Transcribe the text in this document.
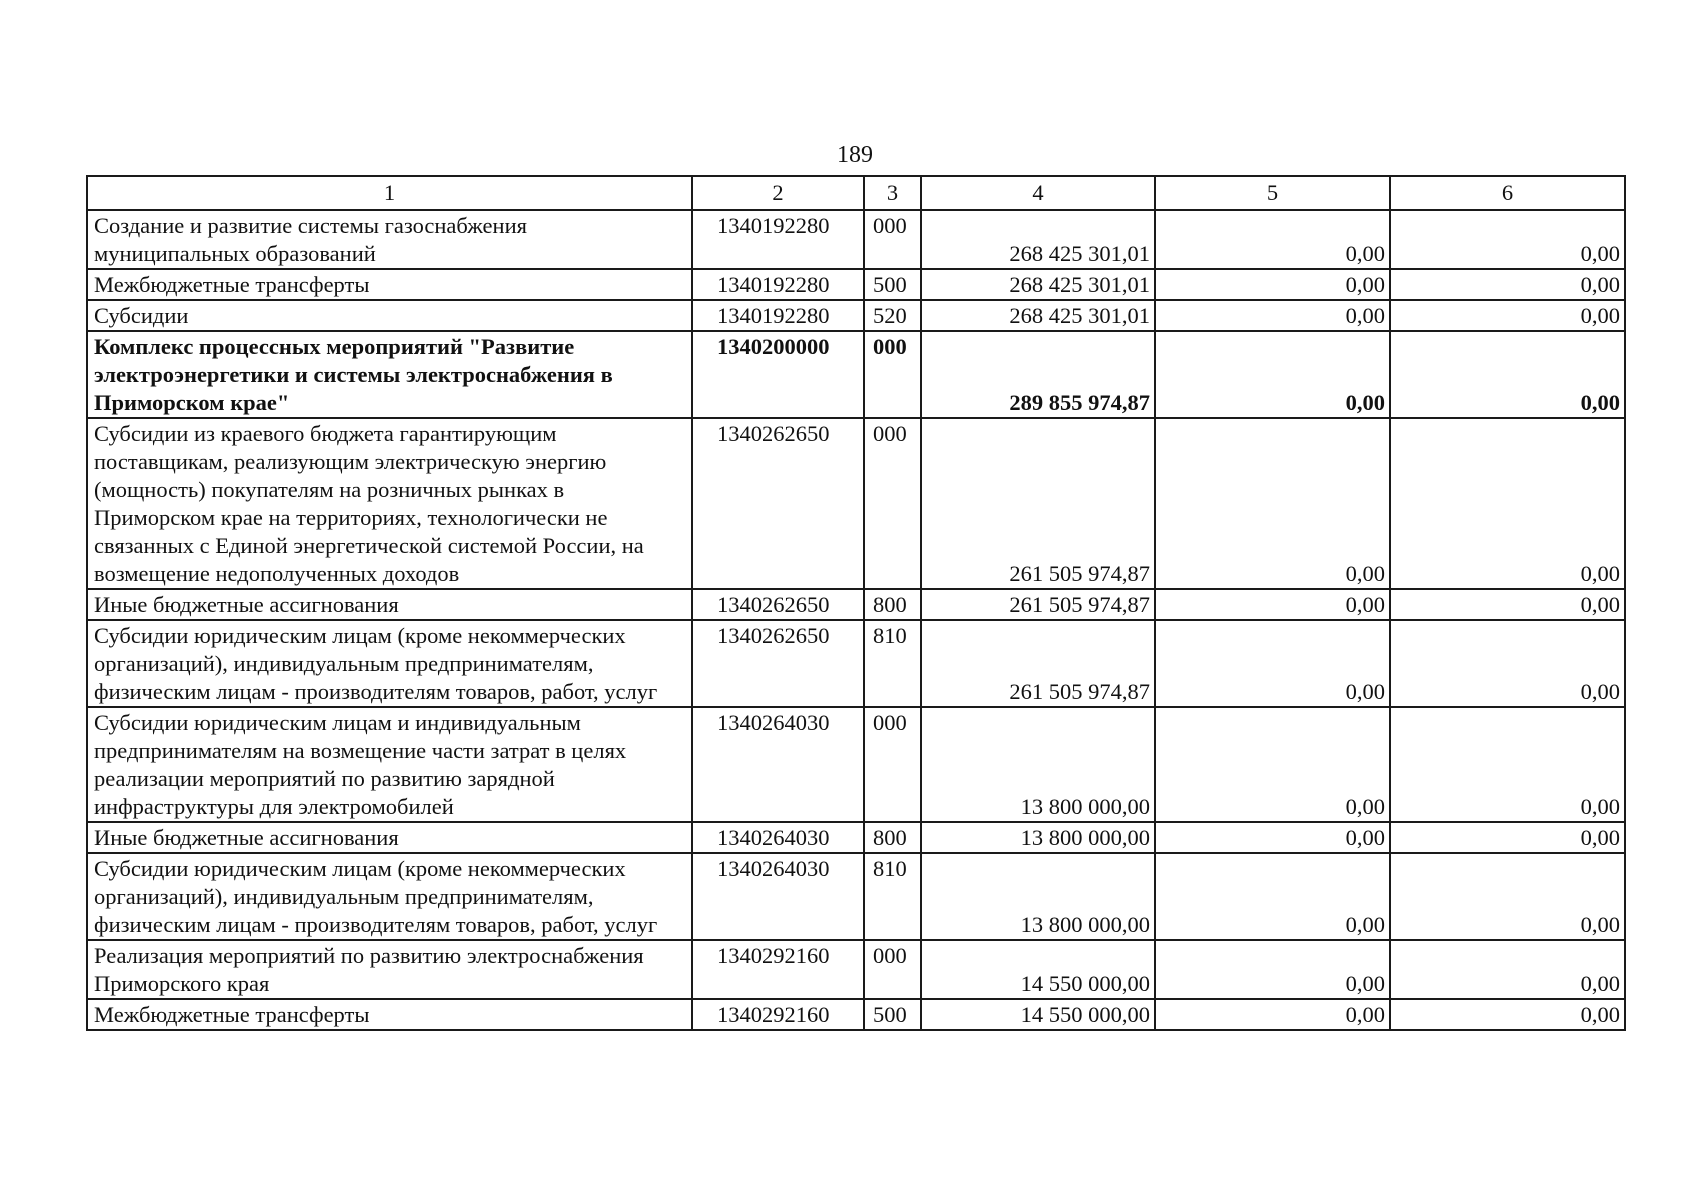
189
1	2	3	4	5	6
Создание и развитие системы газоснабжения муниципальных образований	1340192280	000	268 425 301,01	0,00	0,00
Межбюджетные трансферты	1340192280	500	268 425 301,01	0,00	0,00
Субсидии	1340192280	520	268 425 301,01	0,00	0,00
Комплекс процессных мероприятий "Развитие электроэнергетики и системы электроснабжения в Приморском крае"	1340200000	000	289 855 974,87	0,00	0,00
Субсидии из краевого бюджета гарантирующим поставщикам, реализующим электрическую энергию (мощность) покупателям на розничных рынках в Приморском крае на территориях, технологически не связанных с Единой энергетической системой России, на возмещение недополученных доходов	1340262650	000	261 505 974,87	0,00	0,00
Иные бюджетные ассигнования	1340262650	800	261 505 974,87	0,00	0,00
Субсидии юридическим лицам (кроме некоммерческих организаций), индивидуальным предпринимателям, физическим лицам - производителям товаров, работ, услуг	1340262650	810	261 505 974,87	0,00	0,00
Субсидии юридическим лицам и индивидуальным предпринимателям на возмещение части затрат в целях реализации мероприятий по развитию зарядной инфраструктуры для электромобилей	1340264030	000	13 800 000,00	0,00	0,00
Иные бюджетные ассигнования	1340264030	800	13 800 000,00	0,00	0,00
Субсидии юридическим лицам (кроме некоммерческих организаций), индивидуальным предпринимателям, физическим лицам - производителям товаров, работ, услуг	1340264030	810	13 800 000,00	0,00	0,00
Реализация мероприятий по развитию электроснабжения Приморского края	1340292160	000	14 550 000,00	0,00	0,00
Межбюджетные трансферты	1340292160	500	14 550 000,00	0,00	0,00
